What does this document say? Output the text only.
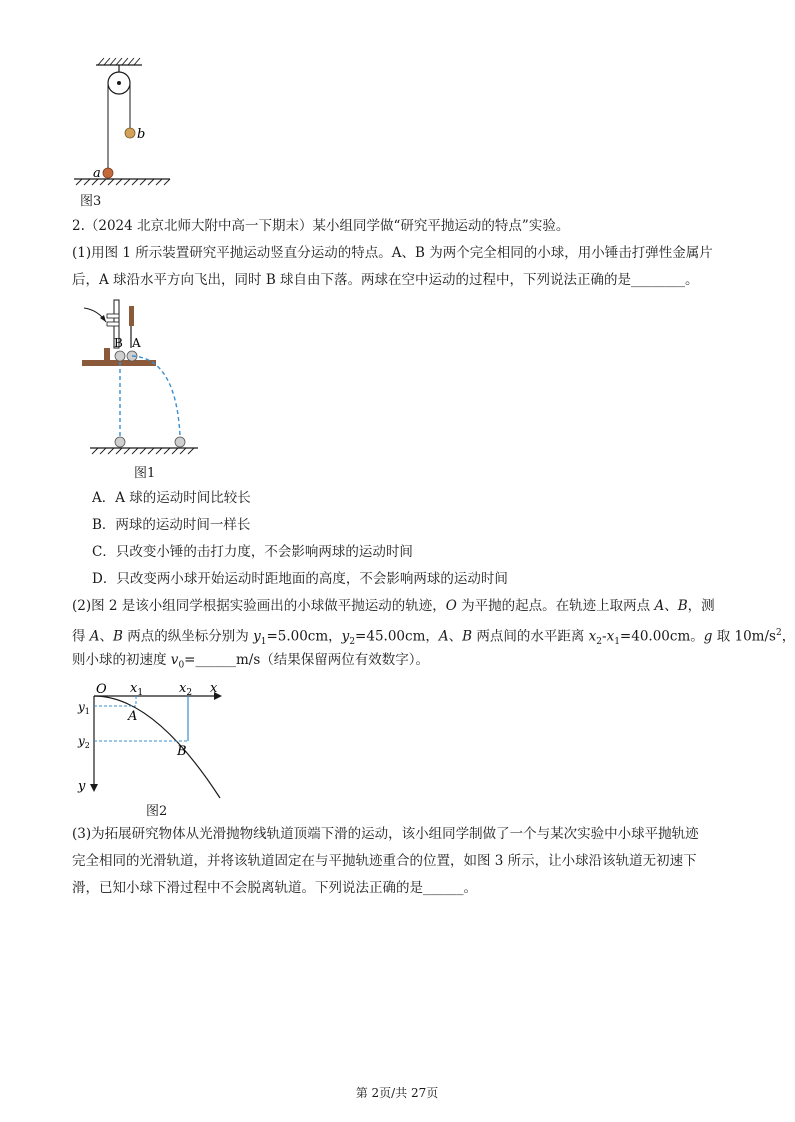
b
a
图3
2.（2024 北京北师大附中高一下期末）某小组同学做“研究平抛运动的特点”实验。
(1)用图 1 所示装置研究平抛运动竖直分运动的特点。A、B 为两个完全相同的小球，用小锤击打弹性金属片
后，A 球沿水平方向飞出，同时 B 球自由下落。两球在空中运动的过程中，下列说法正确的是________。
B A
图1
A．A 球的运动时间比较长
B．两球的运动时间一样长
C．只改变小锤的击打力度，不会影响两球的运动时间
D．只改变两小球开始运动时距地面的高度，不会影响两球的运动时间
(2)图 2 是该小组同学根据实验画出的小球做平抛运动的轨迹，O 为平抛的起点。在轨迹上取两点 A、B，测
得 A、B 两点的纵坐标分别为 $y_1=5.00cm$，$y_2=45.00cm$，A、B 两点间的水平距离 $x_2-x_1=40.00cm$。g 取 $10m/s^2$，
则小球的初速度 $v_0=\_\_\_\_\_\_m/s$（结果保留两位有效数字）。
O $x_1$	$x_2$ x
$y_1$
$y_2$
y
A
B
图2
(3)为拓展研究物体从光滑抛物线轨道顶端下滑的运动，该小组同学制做了一个与某次实验中小球平抛轨迹
完全相同的光滑轨道，并将该轨道固定在与平抛轨迹重合的位置，如图 3 所示，让小球沿该轨道无初速下
滑，已知小球下滑过程中不会脱离轨道。下列说法正确的是______。
第 2页/共 27页
